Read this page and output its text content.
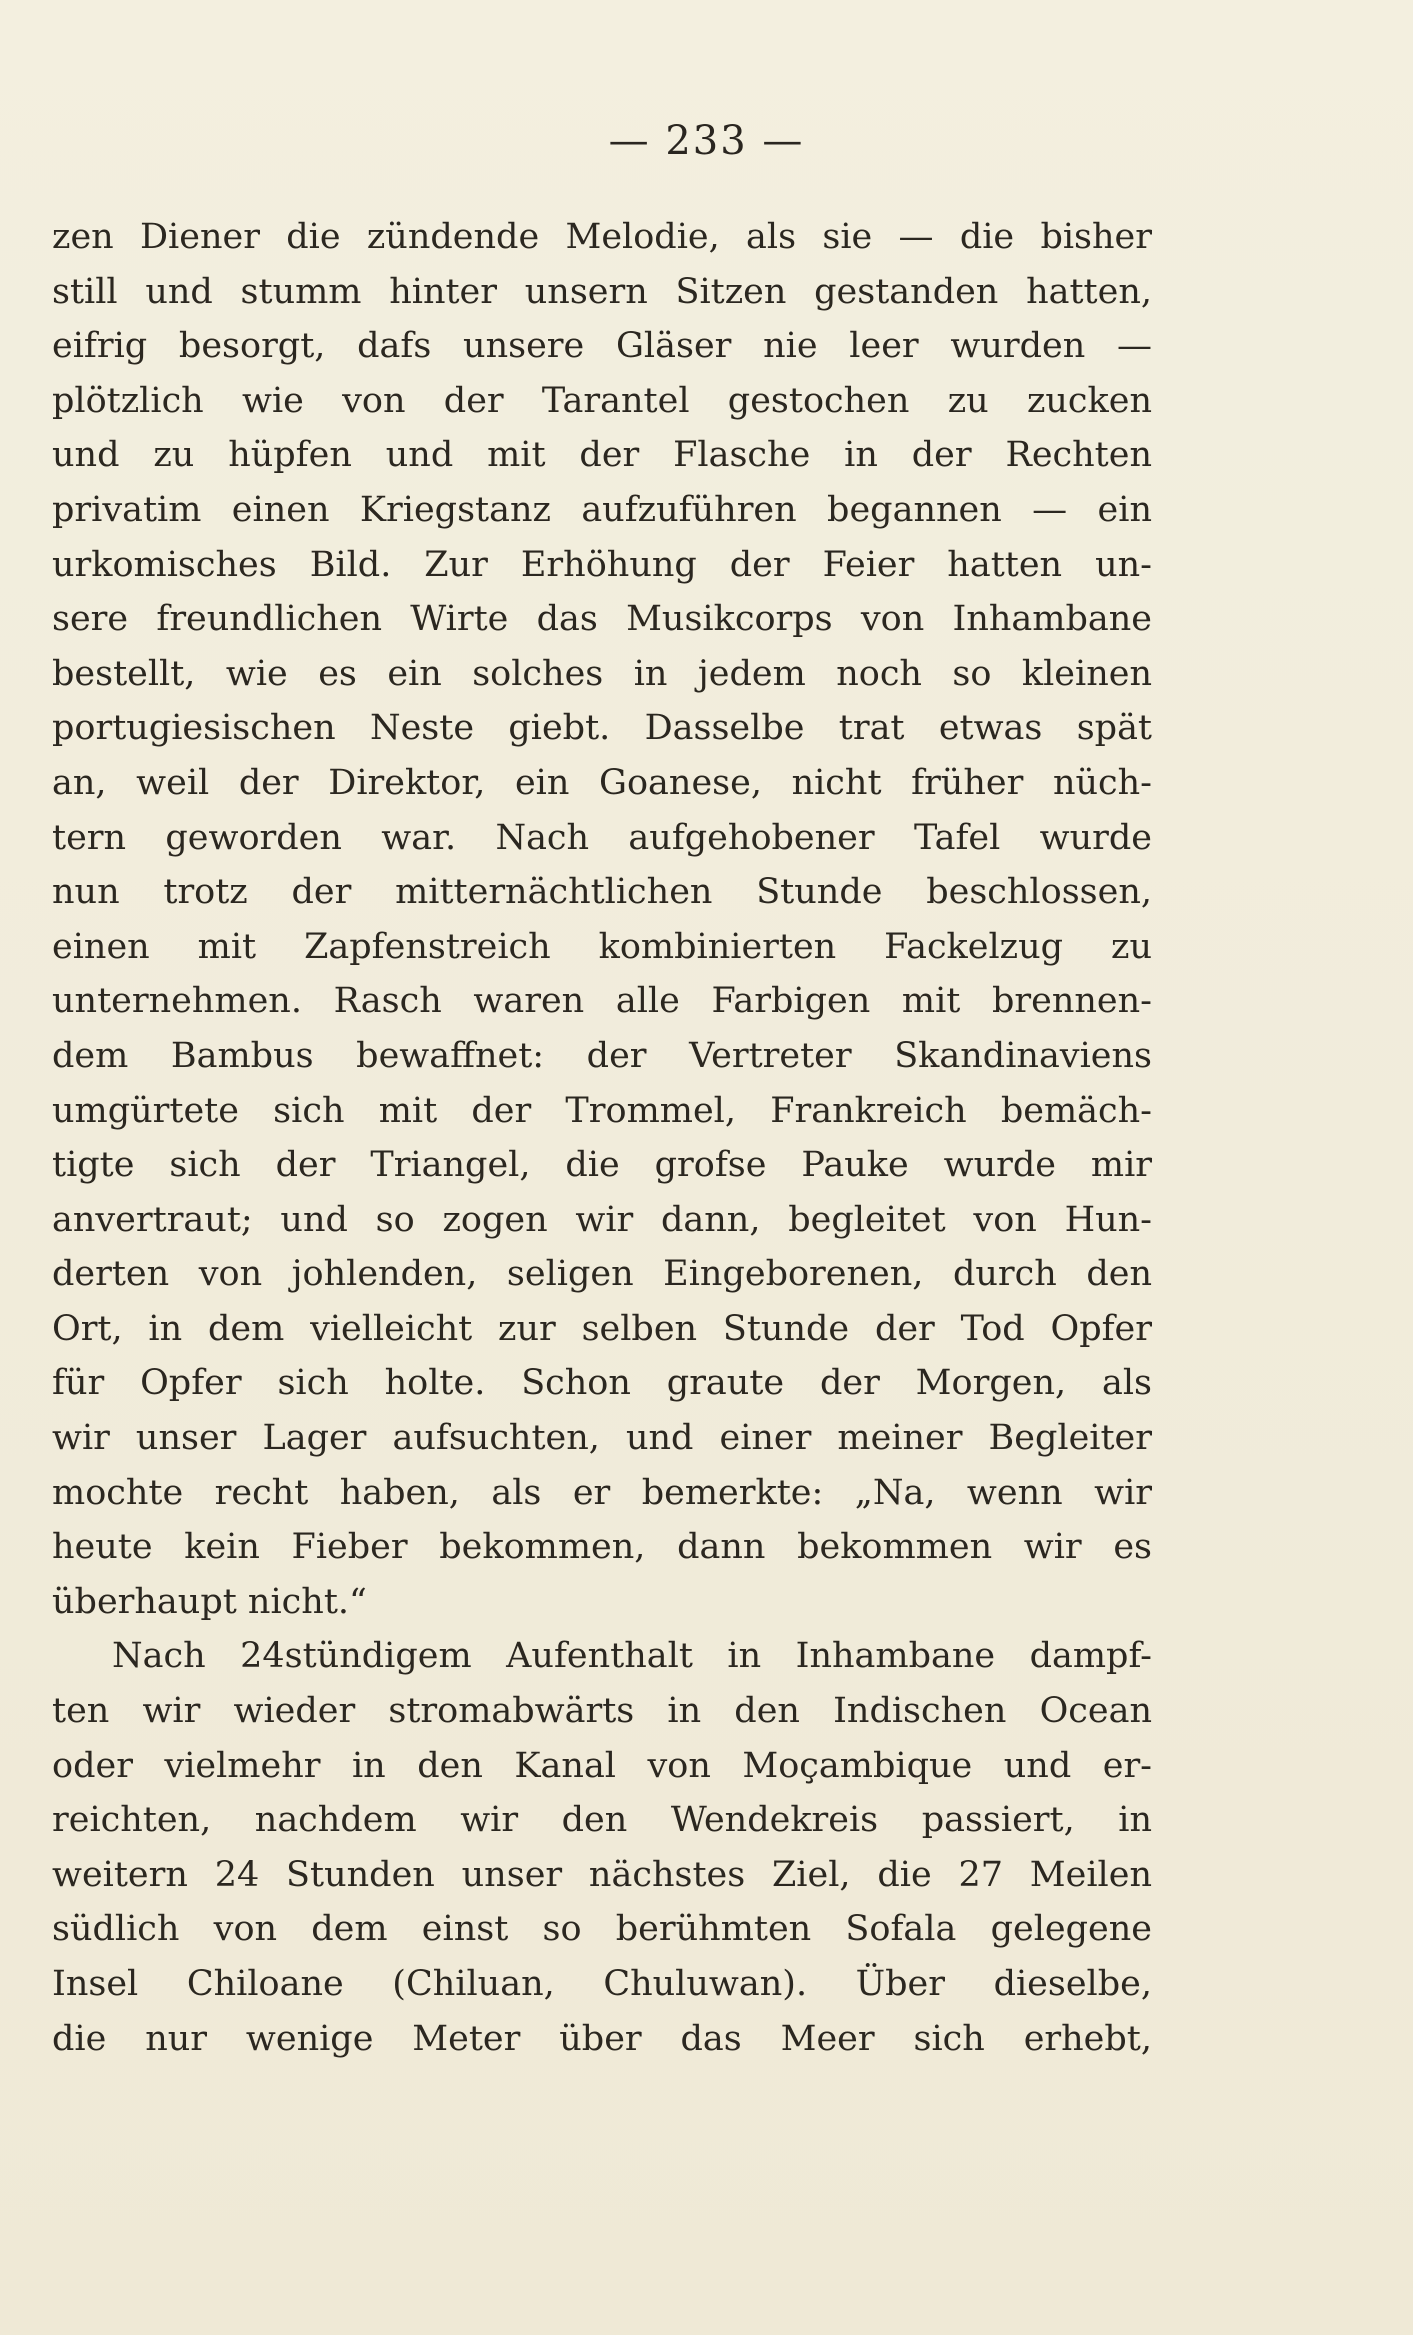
— 233 —
zen Diener die zündende Melodie, als sie — die bisher
still und stumm hinter unsern Sitzen gestanden hatten,
eifrig besorgt, dafs unsere Gläser nie leer wurden —
plötzlich wie von der Tarantel gestochen zu zucken
und zu hüpfen und mit der Flasche in der Rechten
privatim einen Kriegstanz aufzuführen begannen — ein
urkomisches Bild. Zur Erhöhung der Feier hatten un-
sere freundlichen Wirte das Musikcorps von Inhambane
bestellt, wie es ein solches in jedem noch so kleinen
portugiesischen Neste giebt. Dasselbe trat etwas spät
an, weil der Direktor, ein Goanese, nicht früher nüch-
tern geworden war. Nach aufgehobener Tafel wurde
nun trotz der mitternächtlichen Stunde beschlossen,
einen mit Zapfenstreich kombinierten Fackelzug zu
unternehmen. Rasch waren alle Farbigen mit brennen-
dem Bambus bewaffnet: der Vertreter Skandinaviens
umgürtete sich mit der Trommel, Frankreich bemäch-
tigte sich der Triangel, die grofse Pauke wurde mir
anvertraut; und so zogen wir dann, begleitet von Hun-
derten von johlenden, seligen Eingeborenen, durch den
Ort, in dem vielleicht zur selben Stunde der Tod Opfer
für Opfer sich holte. Schon graute der Morgen, als
wir unser Lager aufsuchten, und einer meiner Begleiter
mochte recht haben, als er bemerkte: „Na, wenn wir
heute kein Fieber bekommen, dann bekommen wir es
überhaupt nicht.“
Nach 24stündigem Aufenthalt in Inhambane dampf-
ten wir wieder stromabwärts in den Indischen Ocean
oder vielmehr in den Kanal von Moçambique und er-
reichten, nachdem wir den Wendekreis passiert, in
weitern 24 Stunden unser nächstes Ziel, die 27 Meilen
südlich von dem einst so berühmten Sofala gelegene
Insel Chiloane (Chiluan, Chuluwan). Über dieselbe,
die nur wenige Meter über das Meer sich erhebt,
